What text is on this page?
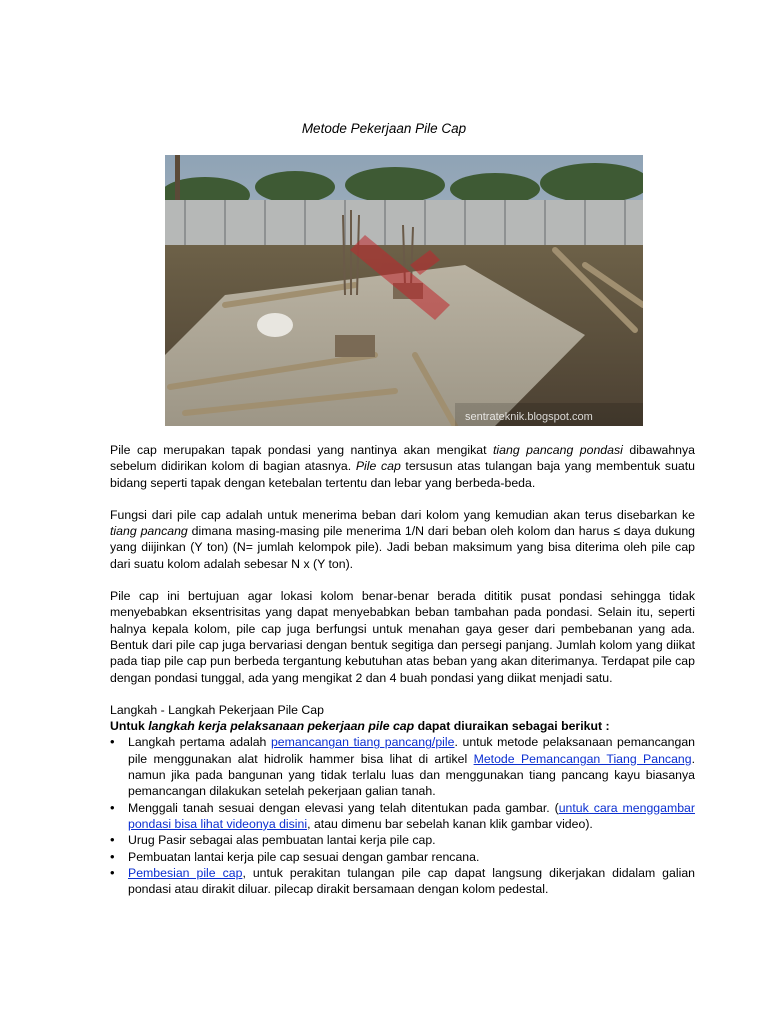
Metode Pekerjaan Pile Cap
sentrateknik.blogspot.com

Pile cap merupakan tapak pondasi yang nantinya akan mengikat tiang pancang pondasi dibawahnya sebelum didirikan kolom di bagian atasnya. Pile cap tersusun atas tulangan baja yang membentuk suatu bidang seperti tapak dengan ketebalan tertentu dan lebar yang berbeda-beda.

Fungsi dari pile cap adalah untuk menerima beban dari kolom yang kemudian akan terus disebarkan ke tiang pancang dimana masing-masing pile menerima 1/N dari beban oleh kolom dan harus ≤ daya dukung yang diijinkan (Y ton) (N= jumlah kelompok pile). Jadi beban maksimum yang bisa diterima oleh pile cap dari suatu kolom adalah sebesar N x (Y ton).

Pile cap ini bertujuan agar lokasi kolom benar-benar berada dititik pusat pondasi sehingga tidak menyebabkan eksentrisitas yang dapat menyebabkan beban tambahan pada pondasi. Selain itu, seperti halnya kepala kolom, pile cap juga berfungsi untuk menahan gaya geser dari pembebanan yang ada. Bentuk dari pile cap juga bervariasi dengan bentuk segitiga dan persegi panjang. Jumlah kolom yang diikat pada tiap pile cap pun berbeda tergantung kebutuhan atas beban yang akan diterimanya. Terdapat pile cap dengan pondasi tunggal, ada yang mengikat 2 dan 4 buah pondasi yang diikat menjadi satu.

Langkah - Langkah Pekerjaan Pile Cap

Untuk langkah kerja pelaksanaan pekerjaan pile cap dapat diuraikan sebagai berikut :

• Langkah pertama adalah pemancangan tiang pancang/pile. untuk metode pelaksanaan pemancangan pile menggunakan alat hidrolik hammer bisa lihat di artikel Metode Pemancangan Tiang Pancang. namun jika pada bangunan yang tidak terlalu luas dan menggunakan tiang pancang kayu biasanya pemancangan dilakukan setelah pekerjaan galian tanah.
• Menggali tanah sesuai dengan elevasi yang telah ditentukan pada gambar. (untuk cara menggambar pondasi bisa lihat videonya disini, atau dimenu bar sebelah kanan klik gambar video).
• Urug Pasir sebagai alas pembuatan lantai kerja pile cap.
• Pembuatan lantai kerja pile cap sesuai dengan gambar rencana.
• Pembesian pile cap, untuk perakitan tulangan pile cap dapat langsung dikerjakan didalam galian pondasi atau dirakit diluar. pilecap dirakit bersamaan dengan kolom pedestal.
